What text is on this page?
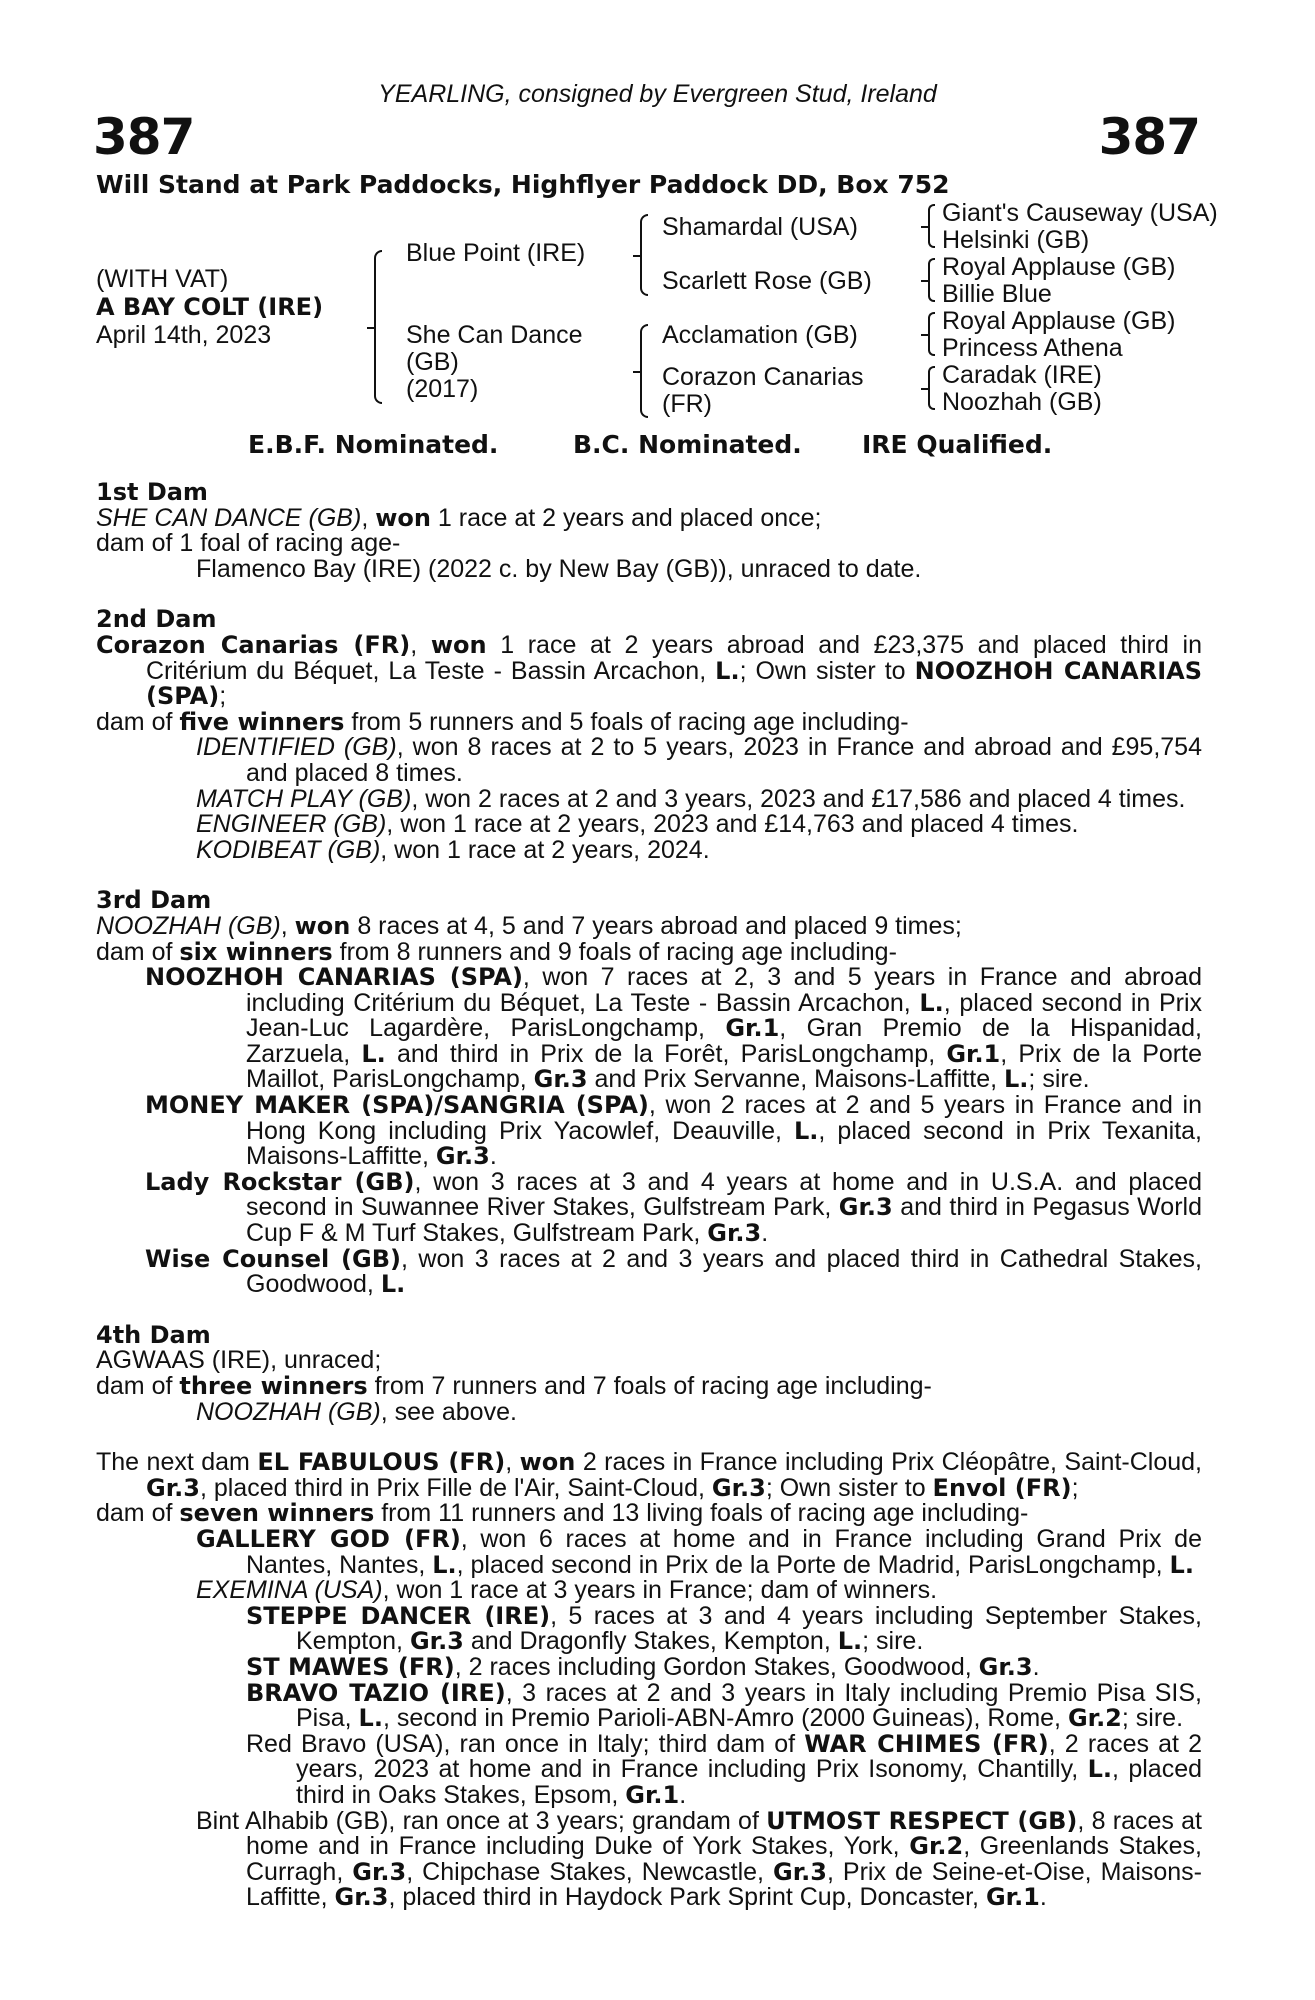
YEARLING, consigned by Evergreen Stud, Ireland
387	387
Will Stand at Park Paddocks, Highflyer Paddock DD, Box 752
(WITH VAT)
A BAY COLT (IRE)
April 14th, 2023
Blue Point (IRE)
She Can Dance
(GB)
(2017)
Shamardal (USA)
Scarlett Rose (GB)
Acclamation (GB)
Corazon Canarias
(FR)
Giant's Causeway (USA)
Helsinki (GB)
Royal Applause (GB)
Billie Blue
Royal Applause (GB)
Princess Athena
Caradak (IRE)
Noozhah (GB)
E.B.F. Nominated.	B.C. Nominated. IRE Qualified.

1st Dam

SHE CAN DANCE (GB), won 1 race at 2 years and placed once;

dam of 1 foal of racing age-

Flamenco Bay (IRE) (2022 c. by New Bay (GB)), unraced to date.

2nd Dam

Corazon Canarias (FR), won 1 race at 2 years abroad and £23,375 and placed third in Critérium du Béquet, La Teste - Bassin Arcachon, L.; Own sister to NOOZHOH CANARIAS (SPA);

dam of five winners from 5 runners and 5 foals of racing age including-

IDENTIFIED (GB), won 8 races at 2 to 5 years, 2023 in France and abroad and £95,754 and placed 8 times.

MATCH PLAY (GB), won 2 races at 2 and 3 years, 2023 and £17,586 and placed 4 times.

ENGINEER (GB), won 1 race at 2 years, 2023 and £14,763 and placed 4 times.

KODIBEAT (GB), won 1 race at 2 years, 2024.

3rd Dam

NOOZHAH (GB), won 8 races at 4, 5 and 7 years abroad and placed 9 times;

dam of six winners from 8 runners and 9 foals of racing age including-

NOOZHOH CANARIAS (SPA), won 7 races at 2, 3 and 5 years in France and abroad including Critérium du Béquet, La Teste - Bassin Arcachon, L., placed second in Prix Jean-Luc Lagardère, ParisLongchamp, Gr.1, Gran Premio de la Hispanidad, Zarzuela, L. and third in Prix de la Forêt, ParisLongchamp, Gr.1, Prix de la Porte Maillot, ParisLongchamp, Gr.3 and Prix Servanne, Maisons-Laffitte, L.; sire.

MONEY MAKER (SPA)/SANGRIA (SPA), won 2 races at 2 and 5 years in France and in Hong Kong including Prix Yacowlef, Deauville, L., placed second in Prix Texanita, Maisons-Laffitte, Gr.3.

Lady Rockstar (GB), won 3 races at 3 and 4 years at home and in U.S.A. and placed second in Suwannee River Stakes, Gulfstream Park, Gr.3 and third in Pegasus World Cup F & M Turf Stakes, Gulfstream Park, Gr.3.

Wise Counsel (GB), won 3 races at 2 and 3 years and placed third in Cathedral Stakes, Goodwood, L.

4th Dam

AGWAAS (IRE), unraced;

dam of three winners from 7 runners and 7 foals of racing age including-

NOOZHAH (GB), see above.

The next dam EL FABULOUS (FR), won 2 races in France including Prix Cléopâtre, Saint-Cloud, Gr.3, placed third in Prix Fille de l'Air, Saint-Cloud, Gr.3; Own sister to Envol (FR);

dam of seven winners from 11 runners and 13 living foals of racing age including-

GALLERY GOD (FR), won 6 races at home and in France including Grand Prix de Nantes, Nantes, L., placed second in Prix de la Porte de Madrid, ParisLongchamp, L.

EXEMINA (USA), won 1 race at 3 years in France; dam of winners.

STEPPE DANCER (IRE), 5 races at 3 and 4 years including September Stakes, Kempton, Gr.3 and Dragonfly Stakes, Kempton, L.; sire.

ST MAWES (FR), 2 races including Gordon Stakes, Goodwood, Gr.3.

BRAVO TAZIO (IRE), 3 races at 2 and 3 years in Italy including Premio Pisa SIS, Pisa, L., second in Premio Parioli-ABN-Amro (2000 Guineas), Rome, Gr.2; sire.

Red Bravo (USA), ran once in Italy; third dam of WAR CHIMES (FR), 2 races at 2 years, 2023 at home and in France including Prix Isonomy, Chantilly, L., placed third in Oaks Stakes, Epsom, Gr.1.

Bint Alhabib (GB), ran once at 3 years; grandam of UTMOST RESPECT (GB), 8 races at home and in France including Duke of York Stakes, York, Gr.2, Greenlands Stakes, Curragh, Gr.3, Chipchase Stakes, Newcastle, Gr.3, Prix de Seine-et-Oise, Maisons-Laffitte, Gr.3, placed third in Haydock Park Sprint Cup, Doncaster, Gr.1.
